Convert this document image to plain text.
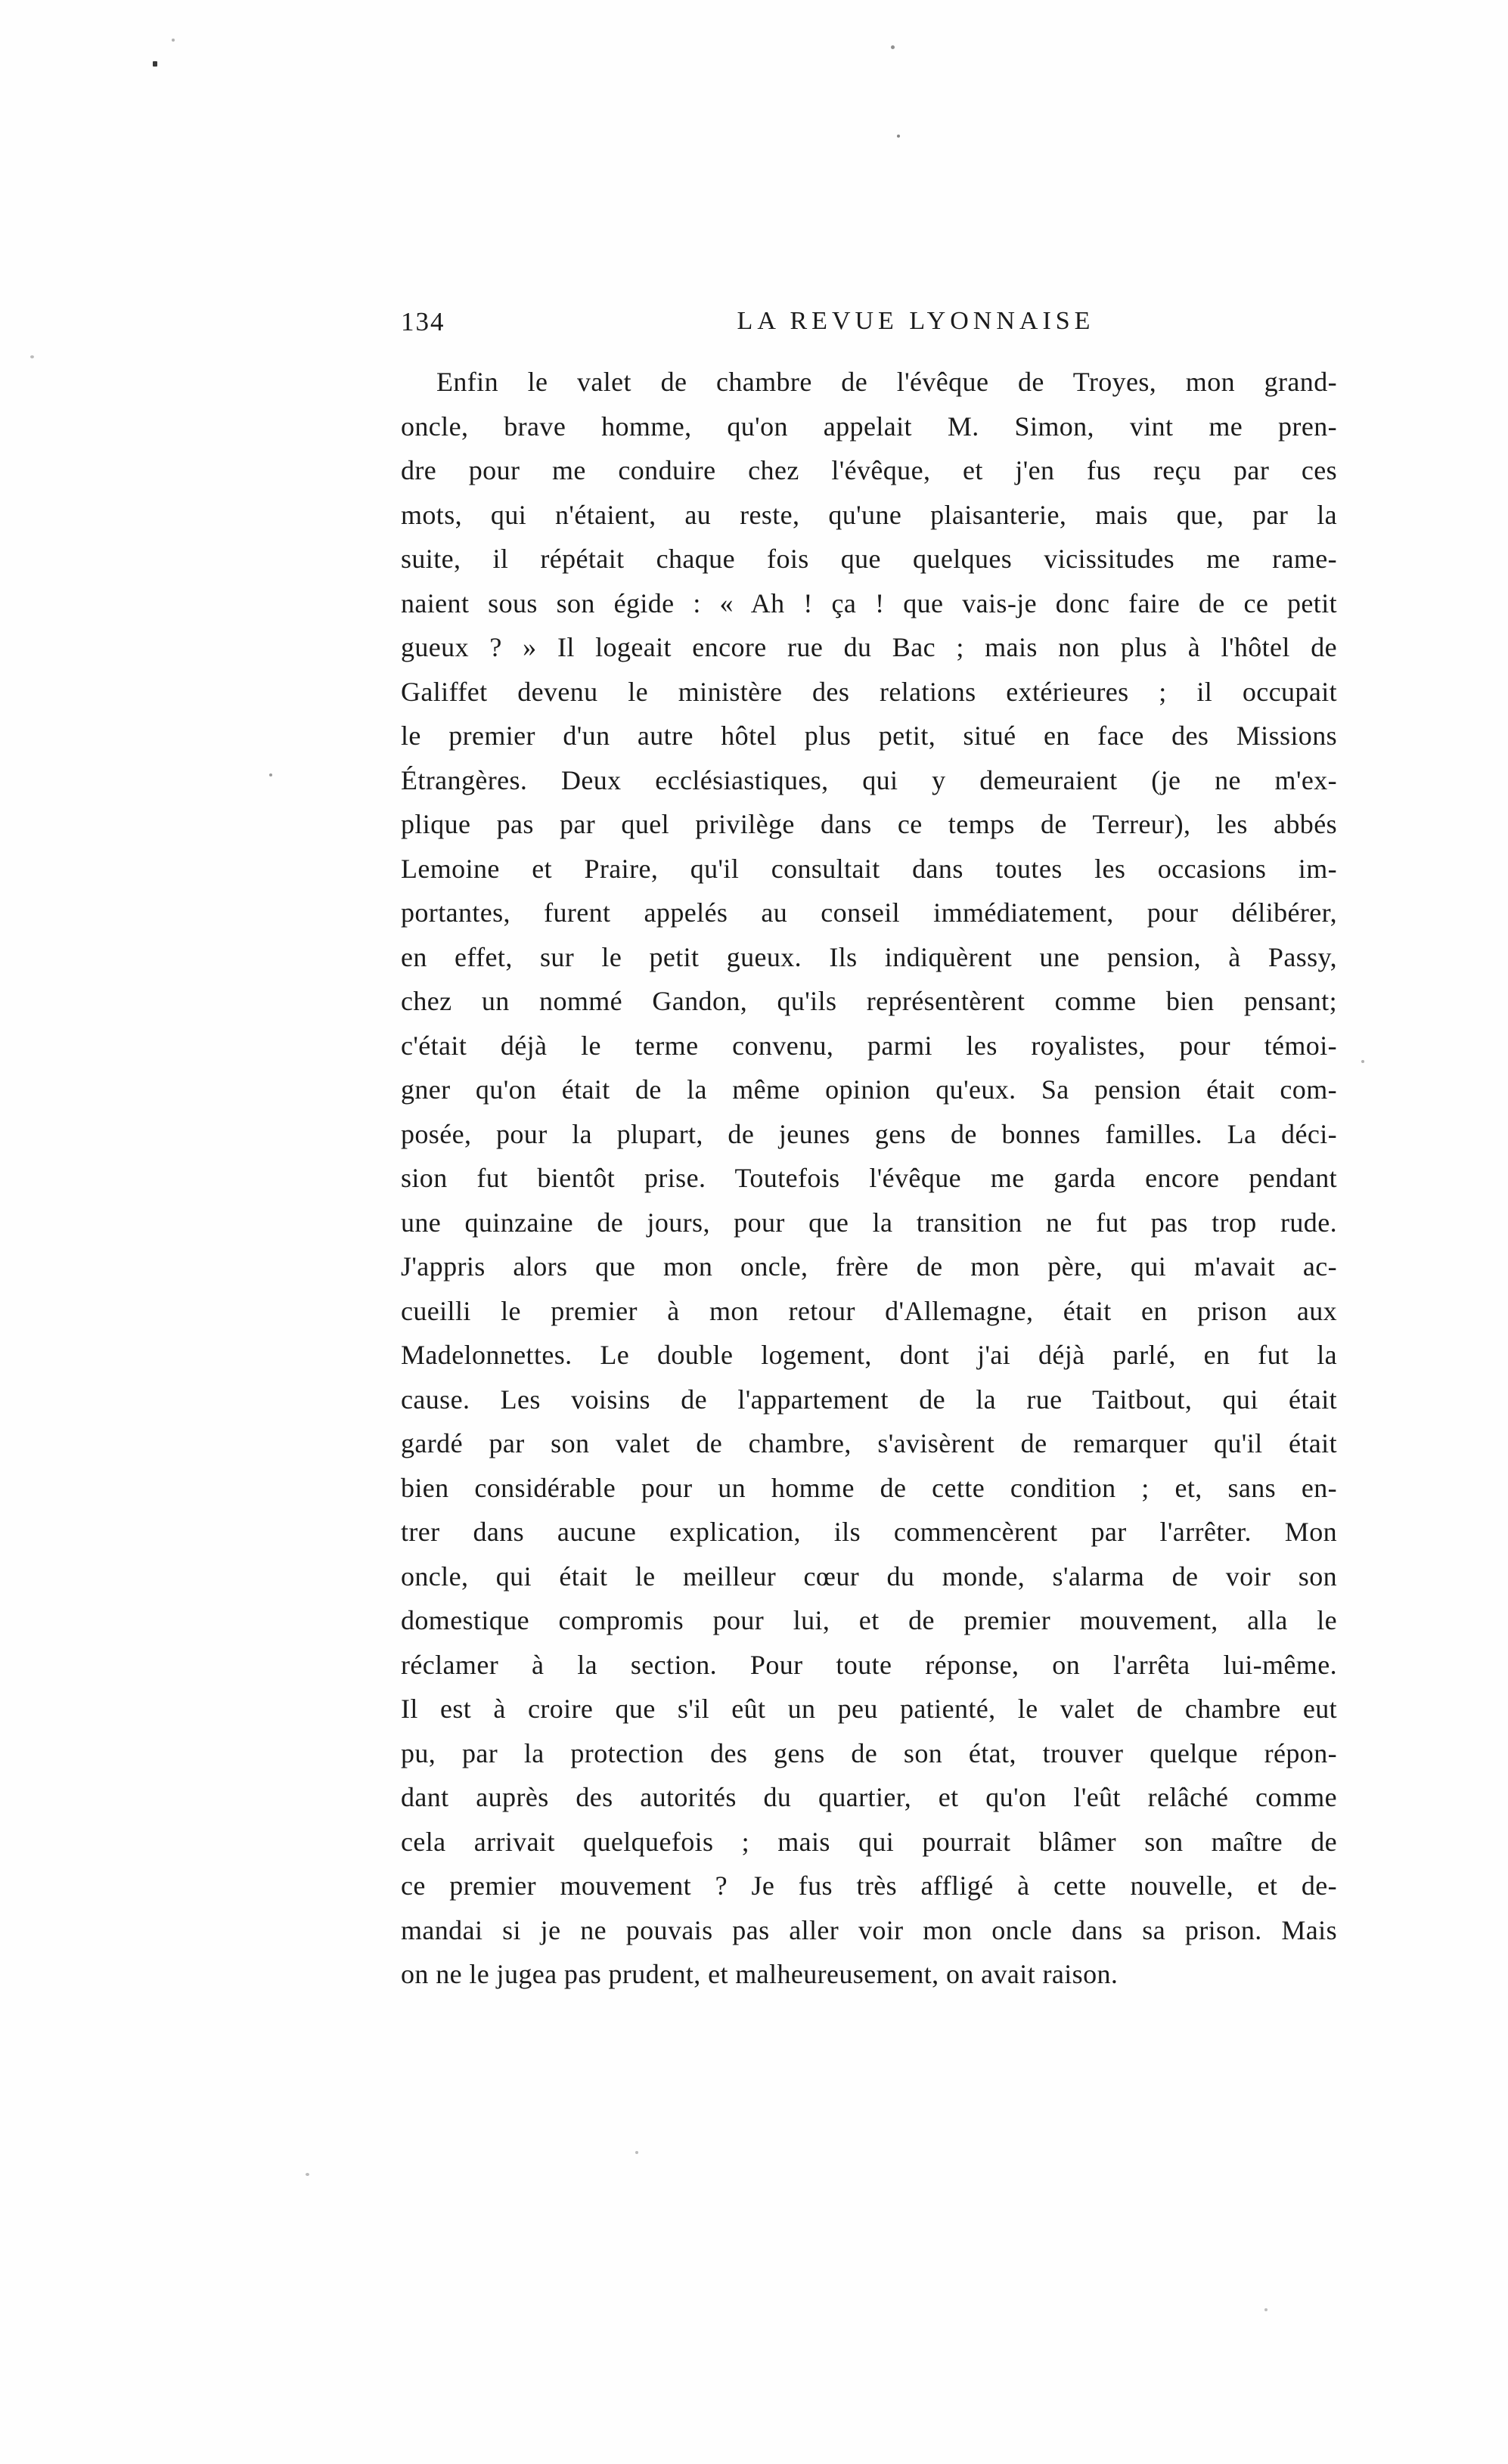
134	LA REVUE LYONNAISE
Enfin le valet de chambre de l'évêque de Troyes, mon grand-
oncle, brave homme, qu'on appelait M. Simon, vint me pren-
dre pour me conduire chez l'évêque, et j'en fus reçu par ces
mots, qui n'étaient, au reste, qu'une plaisanterie, mais que, par la
suite, il répétait chaque fois que quelques vicissitudes me rame-
naient sous son égide : « Ah ! ça ! que vais-je donc faire de ce petit
gueux ? » Il logeait encore rue du Bac ; mais non plus à l'hôtel de
Galiffet devenu le ministère des relations extérieures ; il occupait
le premier d'un autre hôtel plus petit, situé en face des Missions
Étrangères. Deux ecclésiastiques, qui y demeuraient (je ne m'ex-
plique pas par quel privilège dans ce temps de Terreur), les abbés
Lemoine et Praire, qu'il consultait dans toutes les occasions im-
portantes, furent appelés au conseil immédiatement, pour délibérer,
en effet, sur le petit gueux. Ils indiquèrent une pension, à Passy,
chez un nommé Gandon, qu'ils représentèrent comme bien pensant;
c'était déjà le terme convenu, parmi les royalistes, pour témoi-
gner qu'on était de la même opinion qu'eux. Sa pension était com-
posée, pour la plupart, de jeunes gens de bonnes familles. La déci-
sion fut bientôt prise. Toutefois l'évêque me garda encore pendant
une quinzaine de jours, pour que la transition ne fut pas trop rude.
J'appris alors que mon oncle, frère de mon père, qui m'avait ac-
cueilli le premier à mon retour d'Allemagne, était en prison aux
Madelonnettes. Le double logement, dont j'ai déjà parlé, en fut la
cause. Les voisins de l'appartement de la rue Taitbout, qui était
gardé par son valet de chambre, s'avisèrent de remarquer qu'il était
bien considérable pour un homme de cette condition ; et, sans en-
trer dans aucune explication, ils commencèrent par l'arrêter. Mon
oncle, qui était le meilleur cœur du monde, s'alarma de voir son
domestique compromis pour lui, et de premier mouvement, alla le
réclamer à la section. Pour toute réponse, on l'arrêta lui-même.
Il est à croire que s'il eût un peu patienté, le valet de chambre eut
pu, par la protection des gens de son état, trouver quelque répon-
dant auprès des autorités du quartier, et qu'on l'eût relâché comme
cela arrivait quelquefois ; mais qui pourrait blâmer son maître de
ce premier mouvement ? Je fus très affligé à cette nouvelle, et de-
mandai si je ne pouvais pas aller voir mon oncle dans sa prison. Mais
on ne le jugea pas prudent, et malheureusement, on avait raison.
